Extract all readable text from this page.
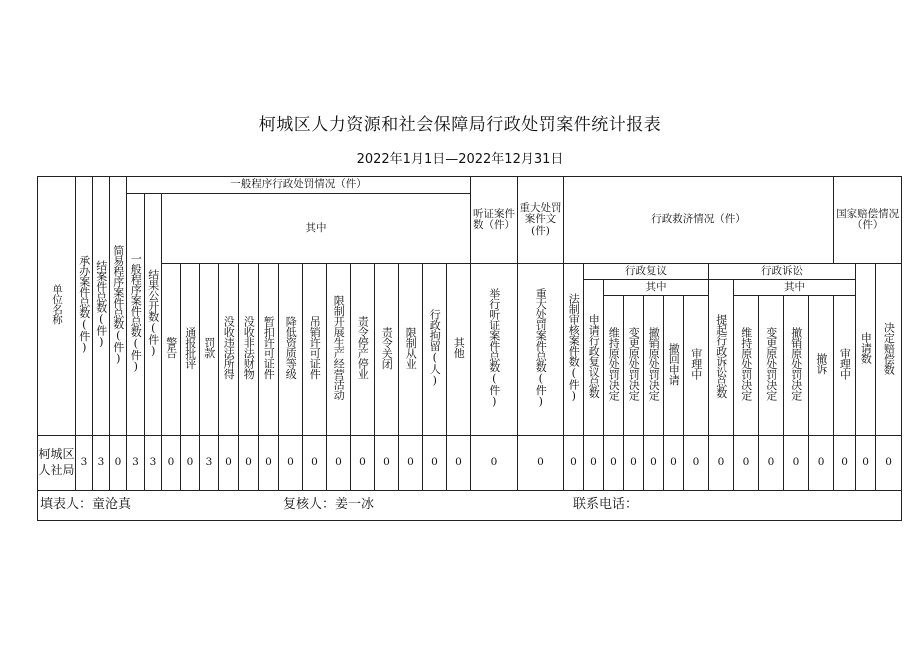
柯城区人力资源和社会保障局行政处罚案件统计报表
2022年1月1日—2022年12月31日
单位名称	承办案件总数(件)	结案件总数(件)	简易程序案件总数(件)	一般程序行政处罚情况（件）																听证案件数（件）	重大处罚案件文(件)	行政救济情况（件）												国家赔偿情况（件）			
				一般程序案件总数(件)	结果公开数(件)	其中																															
						警告	通报批评	罚款	没收违法所得	没收非法财物	暂扣许可证件	降低资质等级	吊销许可证件	限制开展生产经营活动	责令停产停业	责令关闭	限制从业	行政拘留(人)	其他	举行听证案件总数(件)	重大处罚案件总数(件)	法制审核案件数(件)	行政复议						行政诉讼						申请数	决定赔偿数	
																							申请行政复议总数	其中					提起行政诉讼总数	其中							
																								维持原处罚决定	变更原处罚决定	撤销原处罚决定	撤回申请	审理中		维持原处罚决定	变更原处罚决定	撤销原处罚决定	撤诉	审理中			
柯城区人社局	3	3	0	3	3	0	0	3	0	0	0	0	0	0	0	0	0	0	0	0	0	0	0	0	0	0	0	0	0	0	0	0	0	0	0	0	

填表人：童沧真	复核人：姜一冰	联系电话：
